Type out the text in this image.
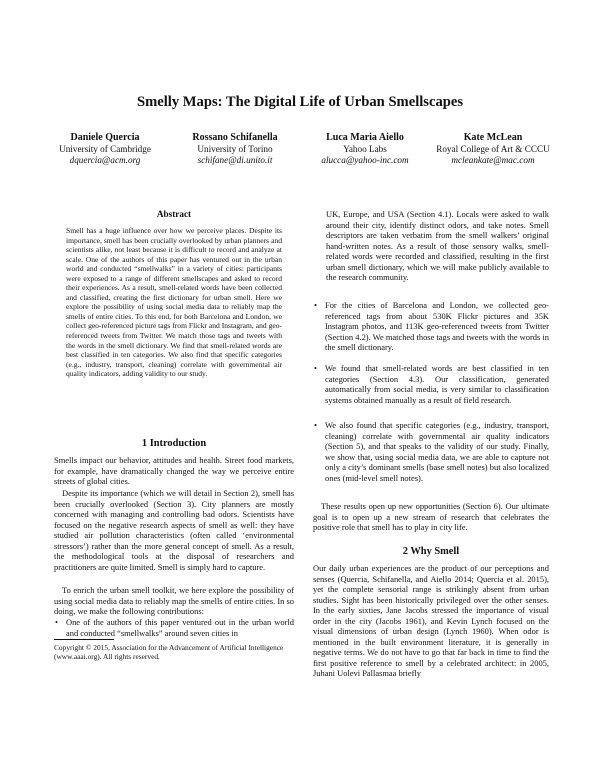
Smelly Maps: The Digital Life of Urban Smellscapes
Daniele Quercia
University of Cambridge
dquercia@acm.org
Rossano Schifanella
University of Torino
schifane@di.unito.it
Luca Maria Aiello
Yahoo Labs
alucca@yahoo-inc.com
Kate McLean
Royal College of Art & CCCU
mcleankate@mac.com
Abstract

Smell has a huge influence over how we perceive places. Despite its importance, smell has been crucially overlooked by urban planners and scientists alike, not least because it is difficult to record and analyze at scale. One of the authors of this paper has ventured out in the urban world and conducted “smellwalks” in a variety of cities: participants were exposed to a range of different smellscapes and asked to record their experiences. As a result, smell-related words have been collected and classified, creating the first dictionary for urban smell. Here we explore the possibility of using social media data to reliably map the smells of entire cities. To this end, for both Barcelona and London, we collect geo-referenced picture tags from Flickr and Instagram, and geo-referenced tweets from Twitter. We match those tags and tweets with the words in the smell dictionary. We find that smell-related words are best classified in ten categories. We also find that specific categories (e.g., industry, transport, cleaning) correlate with governmental air quality indicators, adding validity to our study.

1 Introduction

Smells impact our behavior, attitudes and health. Street food markets, for example, have dramatically changed the way we perceive entire streets of global cities.

Despite its importance (which we will detail in Section 2), smell has been crucially overlooked (Section 3). City planners are mostly concerned with managing and controlling bad odors. Scientists have focused on the negative research aspects of smell as well: they have studied air pollution characteristics (often called ‘environmental stressors’) rather than the more general concept of smell. As a result, the methodological tools at the disposal of researchers and practitioners are quite limited. Smell is simply hard to capture.

To enrich the urban smell toolkit, we here explore the possibility of using social media data to reliably map the smells of entire cities. In so doing, we make the following contributions:

• One of the authors of this paper ventured out in the urban world and conducted “smellwalks” around seven cities in

Copyright © 2015, Association for the Advancement of Artificial Intelligence (www.aaai.org). All rights reserved.

UK, Europe, and USA (Section 4.1). Locals were asked to walk around their city, identify distinct odors, and take notes. Smell descriptors are taken verbatim from the smell walkers’ original hand-written notes. As a result of those sensory walks, smell-related words were recorded and classified, resulting in the first urban smell dictionary, which we will make publicly available to the research community.

• For the cities of Barcelona and London, we collected geo-referenced tags from about 530K Flickr pictures and 35K Instagram photos, and 113K geo-referenced tweets from Twitter (Section 4.2). We matched those tags and tweets with the words in the smell dictionary.
• We found that smell-related words are best classified in ten categories (Section 4.3). Our classification, generated automatically from social media, is very similar to classification systems obtained manually as a result of field research.
• We also found that specific categories (e.g., industry, transport, cleaning) correlate with governmental air quality indicators (Section 5), and that speaks to the validity of our study. Finally, we show that, using social media data, we are able to capture not only a city’s dominant smells (base smell notes) but also localized ones (mid-level smell notes).

These results open up new opportunities (Section 6). Our ultimate goal is to open up a new stream of research that celebrates the positive role that smell has to play in city life.

2 Why Smell

Our daily urban experiences are the product of our perceptions and senses (Quercia, Schifanella, and Aiello 2014; Quercia et al. 2015), yet the complete sensorial range is strikingly absent from urban studies. Sight has been historically privileged over the other senses. In the early sixties, Jane Jacobs stressed the importance of visual order in the city (Jacobs 1961), and Kevin Lynch focused on the visual dimensions of urban design (Lynch 1960). When odor is mentioned in the built environment literature, it is generally in negative terms. We do not have to go that far back in time to find the first positive reference to smell by a celebrated architect: in 2005, Juhani Uolevi Pallasmaa briefly
